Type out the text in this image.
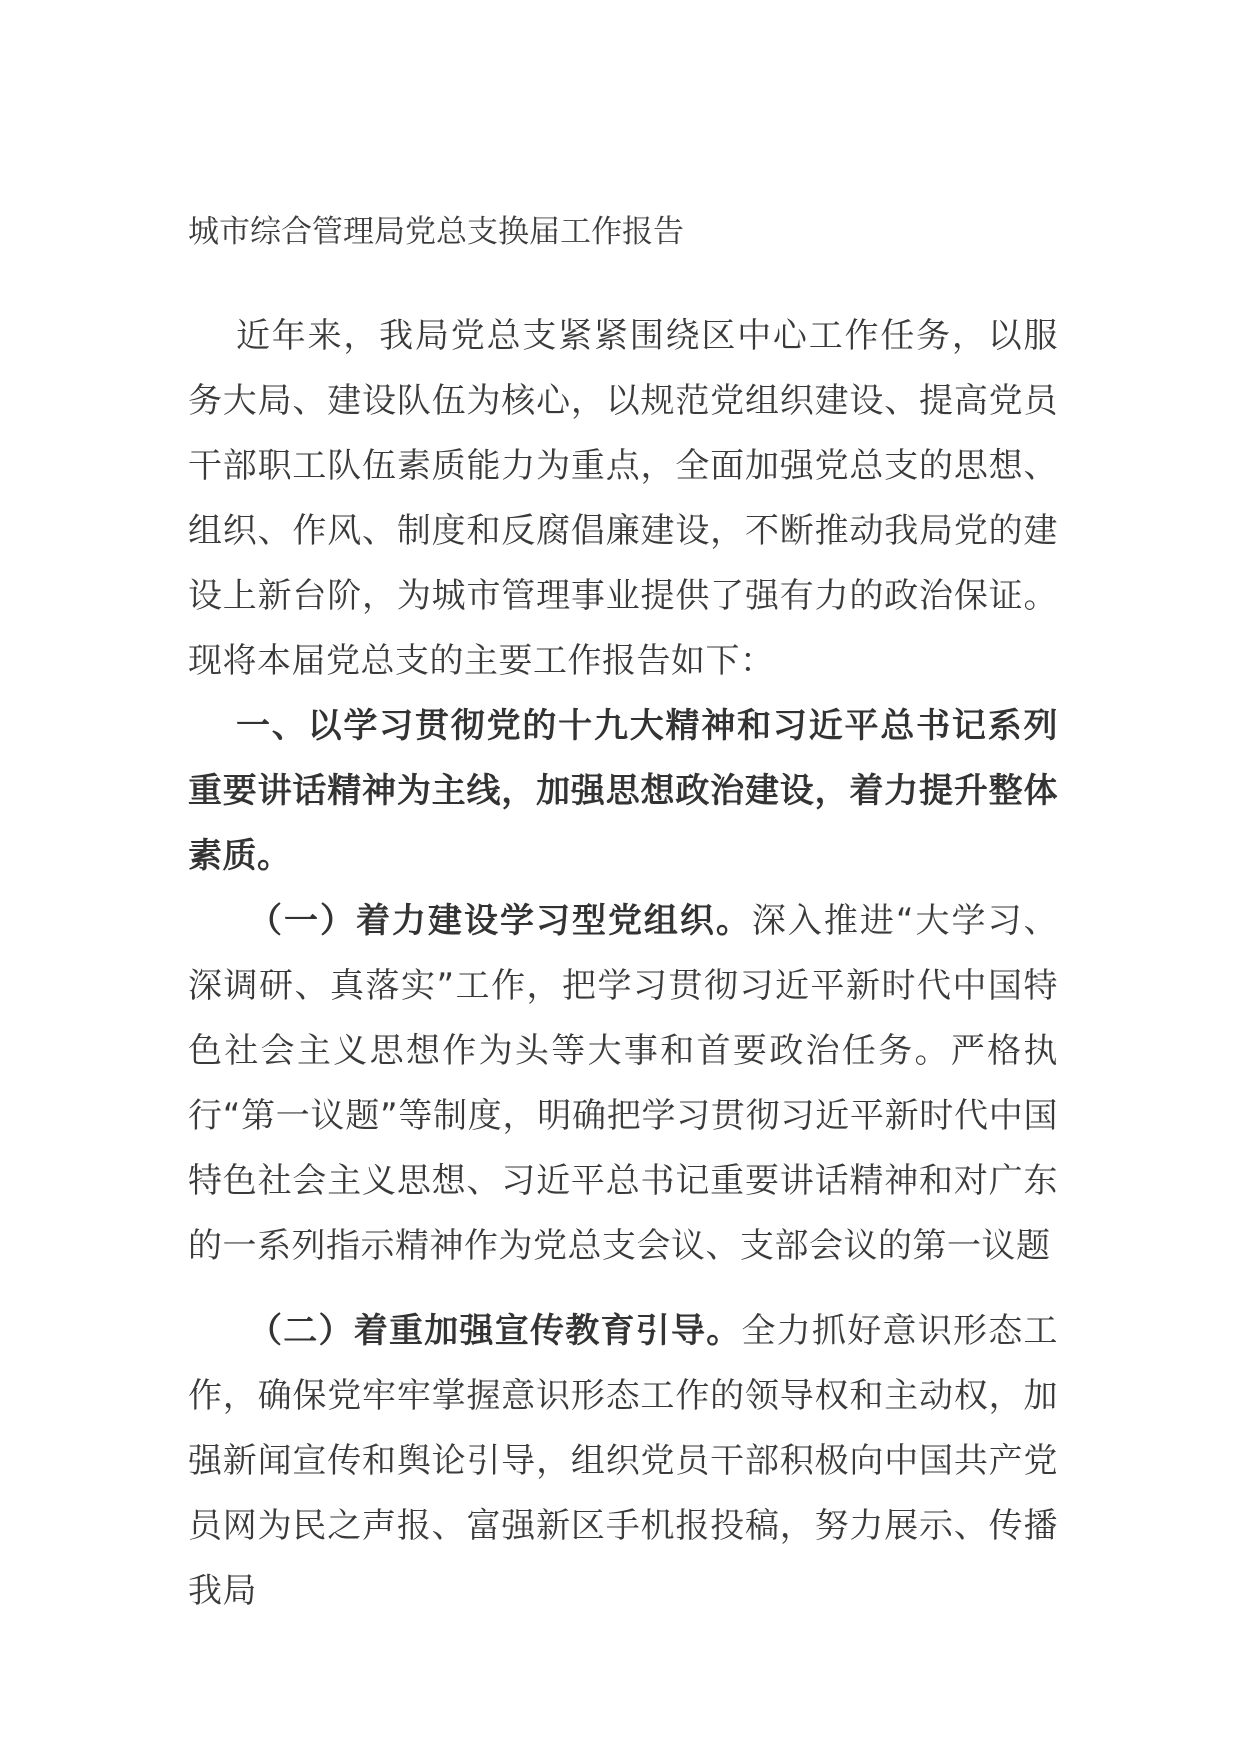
城市综合管理局党总支换届工作报告

近年来，我局党总支紧紧围绕区中心工作任务，以服务大局、建设队伍为核心，以规范党组织建设、提高党员干部职工队伍素质能力为重点，全面加强党总支的思想、组织、作风、制度和反腐倡廉建设，不断推动我局党的建设上新台阶，为城市管理事业提供了强有力的政治保证。现将本届党总支的主要工作报告如下：

一、以学习贯彻党的十九大精神和习近平总书记系列重要讲话精神为主线，加强思想政治建设，着力提升整体素质。

（一）着力建设学习型党组织。深入推进“大学习、深调研、真落实”工作，把学习贯彻习近平新时代中国特色社会主义思想作为头等大事和首要政治任务。严格执行“第一议题”等制度，明确把学习贯彻习近平新时代中国特色社会主义思想、习近平总书记重要讲话精神和对广东的一系列指示精神作为党总支会议、支部会议的第一议题

（二）着重加强宣传教育引导。全力抓好意识形态工作，确保党牢牢掌握意识形态工作的领导权和主动权，加强新闻宣传和舆论引导，组织党员干部积极向中国共产党员网为民之声报、富强新区手机报投稿，努力展示、传播我局
